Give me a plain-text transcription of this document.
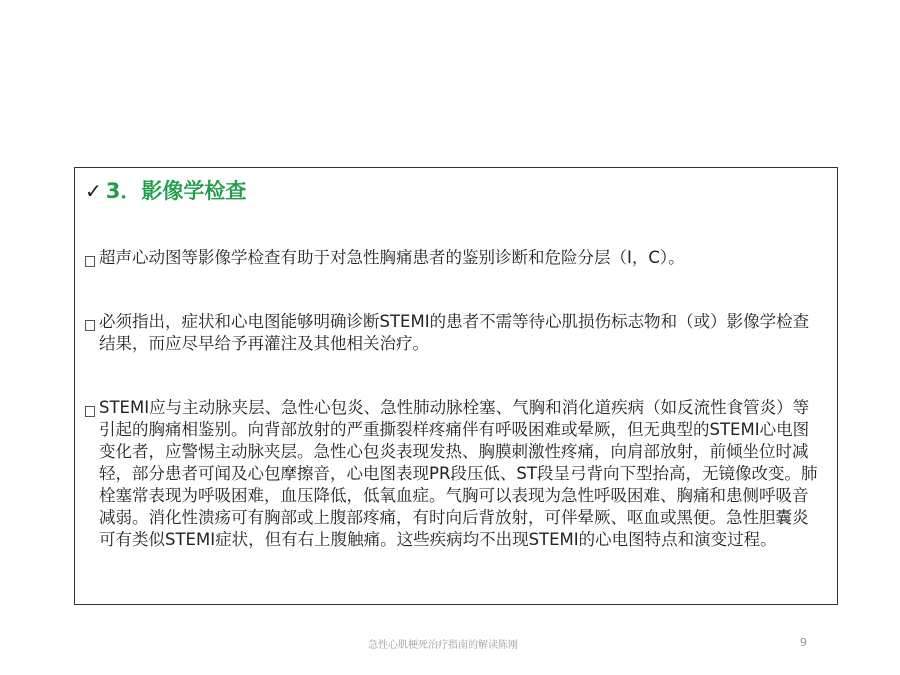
✓ 3．影像学检查
超声心动图等影像学检查有助于对急性胸痛患者的鉴别诊断和危险分层（Ⅰ，C）。
必须指出，症状和心电图能够明确诊断STEMI的患者不需等待心肌损伤标志物和（或）影像学检查结果，而应尽早给予再灌注及其他相关治疗。
STEMI应与主动脉夹层、急性心包炎、急性肺动脉栓塞、气胸和消化道疾病（如反流性食管炎）等引起的胸痛相鉴别。向背部放射的严重撕裂样疼痛伴有呼吸困难或晕厥，但无典型的STEMI心电图变化者，应警惕主动脉夹层。急性心包炎表现发热、胸膜刺激性疼痛，向肩部放射，前倾坐位时减轻，部分患者可闻及心包摩擦音，心电图表现PR段压低、ST段呈弓背向下型抬高，无镜像改变。肺栓塞常表现为呼吸困难，血压降低，低氧血症。气胸可以表现为急性呼吸困难、胸痛和患侧呼吸音减弱。消化性溃疡可有胸部或上腹部疼痛，有时向后背放射，可伴晕厥、呕血或黑便。急性胆囊炎可有类似STEMI症状，但有右上腹触痛。这些疾病均不出现STEMI的心电图特点和演变过程。
急性心肌梗死治疗指南的解读陈刚	9
